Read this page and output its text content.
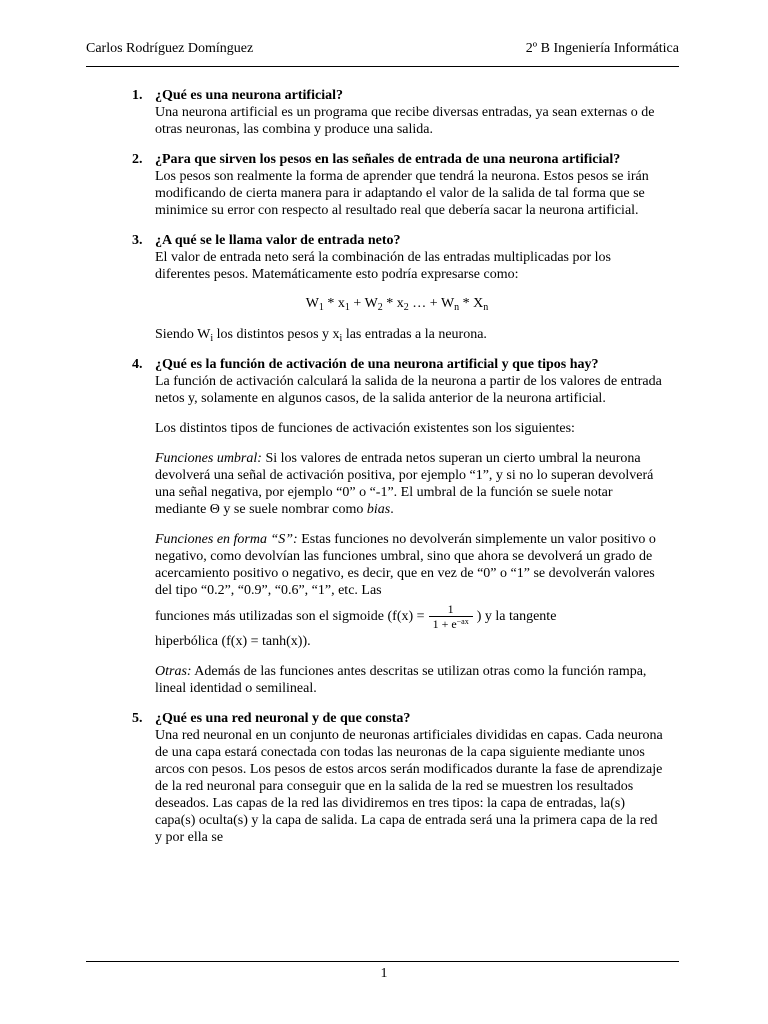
Carlos Rodríguez Domínguez	2º B Ingeniería Informática
1. ¿Qué es una neurona artificial?

Una neurona artificial es un programa que recibe diversas entradas, ya sean externas o de otras neuronas, las combina y produce una salida.

2. ¿Para que sirven los pesos en las señales de entrada de una neurona artificial?

Los pesos son realmente la forma de aprender que tendrá la neurona. Estos pesos se irán modificando de cierta manera para ir adaptando el valor de la salida de tal forma que se minimice su error con respecto al resultado real que debería sacar la neurona artificial.

3. ¿A qué se le llama valor de entrada neto?

El valor de entrada neto será la combinación de las entradas multiplicadas por los diferentes pesos. Matemáticamente esto podría expresarse como:

$W_1 * x_1 + W_2 * x_2$ … + $W_n * X_n$

Siendo $W_i$ los distintos pesos y $x_i$ las entradas a la neurona.

4. ¿Qué es la función de activación de una neurona artificial y que tipos hay?

La función de activación calculará la salida de la neurona a partir de los valores de entrada netos y, solamente en algunos casos, de la salida anterior de la neurona artificial.

Los distintos tipos de funciones de activación existentes son los siguientes:

Funciones umbral: Si los valores de entrada netos superan un cierto umbral la neurona devolverá una señal de activación positiva, por ejemplo “1”, y si no lo superan devolverá una señal negativa, por ejemplo “0” o “-1”. El umbral de la función se suele notar mediante Θ y se suele nombrar como bias.

Funciones en forma “S”: Estas funciones no devolverán simplemente un valor positivo o negativo, como devolvían las funciones umbral, sino que ahora se devolverá un grado de acercamiento positivo o negativo, es decir, que en vez de “0” o “1” se devolverán valores del tipo “0.2”, “0.9”, “0.6”, “1”, etc. Las

funciones más utilizadas son el sigmoide ($f(x) = \frac{1}{1 + e^{-ax}}$ ) y la tangente

hiperbólica (f(x) = tanh(x)).

Otras: Además de las funciones antes descritas se utilizan otras como la función rampa, lineal identidad o semilineal.

5. ¿Qué es una red neuronal y de que consta?

Una red neuronal en un conjunto de neuronas artificiales divididas en capas. Cada neurona de una capa estará conectada con todas las neuronas de la capa siguiente mediante unos arcos con pesos. Los pesos de estos arcos serán modificados durante la fase de aprendizaje de la red neuronal para conseguir que en la salida de la red se muestren los resultados deseados. Las capas de la red las dividiremos en tres tipos: la capa de entradas, la(s) capa(s) oculta(s) y la capa de salida. La capa de entrada será una la primera capa de la red y por ella se

1
